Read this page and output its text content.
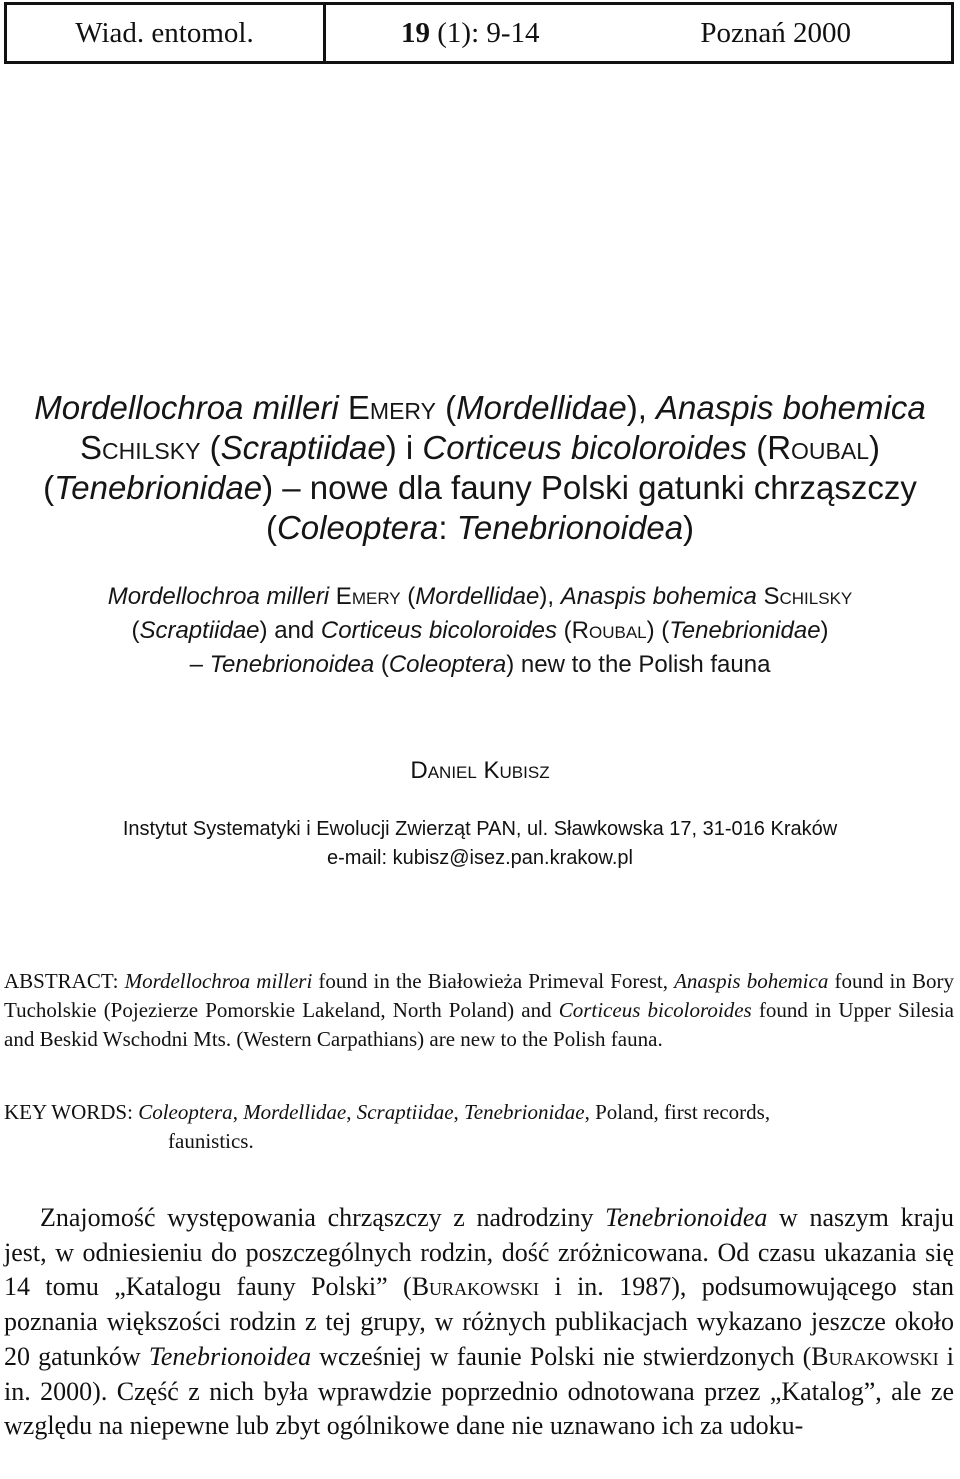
Wiad. entomol.	19 (1): 9-14	Poznań 2000
Mordellochroa milleri Emery (Mordellidae), Anaspis bohemica
Schilsky (Scraptiidae) i Corticeus bicoloroides (Roubal)
(Tenebrionidae) – nowe dla fauny Polski gatunki chrząszczy
(Coleoptera: Tenebrionoidea)
Mordellochroa milleri Emery (Mordellidae), Anaspis bohemica Schilsky
(Scraptiidae) and Corticeus bicoloroides (Roubal) (Tenebrionidae)
– Tenebrionoidea (Coleoptera) new to the Polish fauna
Daniel Kubisz
Instytut Systematyki i Ewolucji Zwierząt PAN, ul. Sławkowska 17, 31-016 Kraków
e-mail: kubisz@isez.pan.krakow.pl
ABSTRACT: Mordellochroa milleri found in the Białowieża Primeval Forest, Anaspis bohemica found in Bory Tucholskie (Pojezierze Pomorskie Lakeland, North Poland) and Corticeus bicoloroides found in Upper Silesia and Beskid Wschodni Mts. (Western Carpathians) are new to the Polish fauna.
KEY WORDS: Coleoptera, Mordellidae, Scraptiidae, Tenebrionidae, Poland, first records,
faunistics.
Znajomość występowania chrząszczy z nadrodziny Tenebrionoidea w naszym kraju jest, w odniesieniu do poszczególnych rodzin, dość zróżnicowana. Od czasu ukazania się 14 tomu „Katalogu fauny Polski” (Burakowski i in. 1987), podsumowującego stan poznania większości rodzin z tej grupy, w różnych publikacjach wykazano jeszcze około 20 gatunków Tenebrionoidea wcześniej w faunie Polski nie stwierdzonych (Burakowski i in. 2000). Część z nich była wprawdzie poprzednio odnotowana przez „Katalog”, ale ze względu na niepewne lub zbyt ogólnikowe dane nie uznawano ich za udoku-
